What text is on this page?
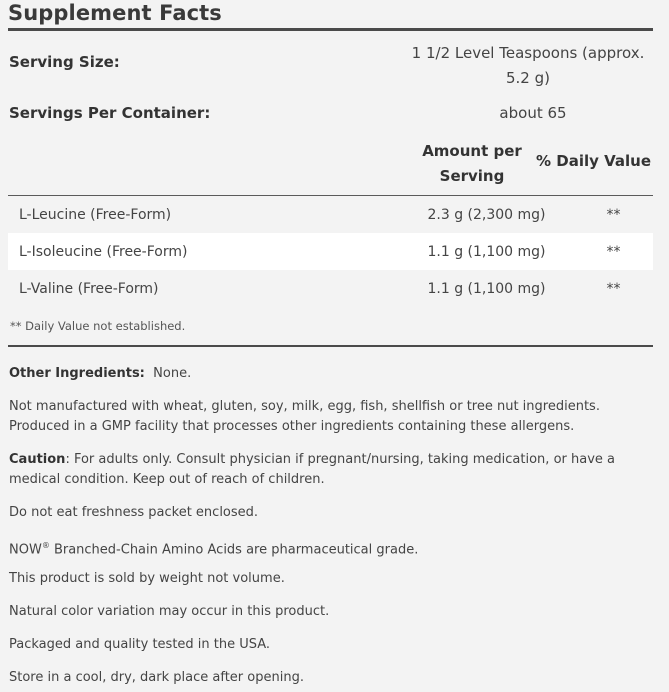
Supplement Facts
Serving Size:	1 1/2 Level Teaspoons (approx. 5.2 g)
Servings Per Container:	about 65
Amount per Serving
% Daily Value
L-Leucine (Free-Form)	2.3 g (2,300 mg)	**
L-Isoleucine (Free-Form)	1.1 g (1,100 mg)	**
L-Valine (Free-Form)	1.1 g (1,100 mg)	**
** Daily Value not established.
Other Ingredients: None.
Not manufactured with wheat, gluten, soy, milk, egg, fish, shellfish or tree nut ingredients. Produced in a GMP facility that processes other ingredients containing these allergens.
Caution: For adults only. Consult physician if pregnant/nursing, taking medication, or have a medical condition. Keep out of reach of children.
Do not eat freshness packet enclosed.
NOW® Branched-Chain Amino Acids are pharmaceutical grade.
This product is sold by weight not volume.
Natural color variation may occur in this product.
Packaged and quality tested in the USA.
Store in a cool, dry, dark place after opening.
